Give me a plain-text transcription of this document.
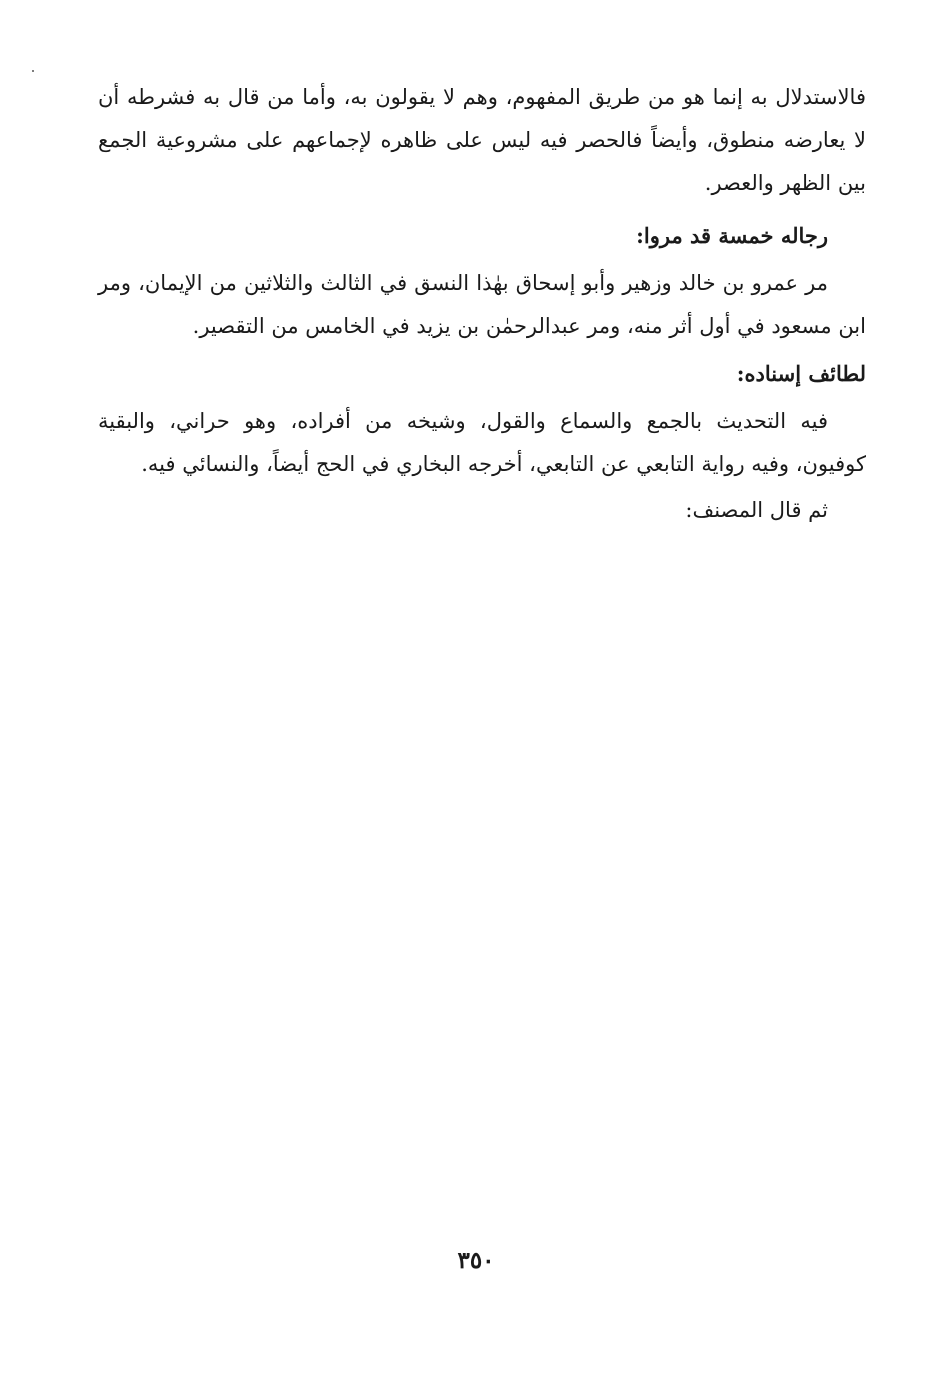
فالاستدلال به إنما هو من طريق المفهوم، وهم لا يقولون به، وأما من قال به فشرطه أن لا يعارضه منطوق، وأيضاً فالحصر فيه ليس على ظاهره لإجماعهم على مشروعية الجمع بين الظهر والعصر.

رجاله خمسة قد مروا:

مر عمرو بن خالد وزهير وأبو إسحاق بهٰذا النسق في الثالث والثلاثين من الإيمان، ومر ابن مسعود في أول أثر منه، ومر عبدالرحمٰن بن يزيد في الخامس من التقصير.

لطائف إسناده:

فيه التحديث بالجمع والسماع والقول، وشيخه من أفراده، وهو حراني، والبقية كوفيون، وفيه رواية التابعي عن التابعي، أخرجه البخاري في الحج أيضاً، والنسائي فيه.

ثم قال المصنف:

٣٥٠
